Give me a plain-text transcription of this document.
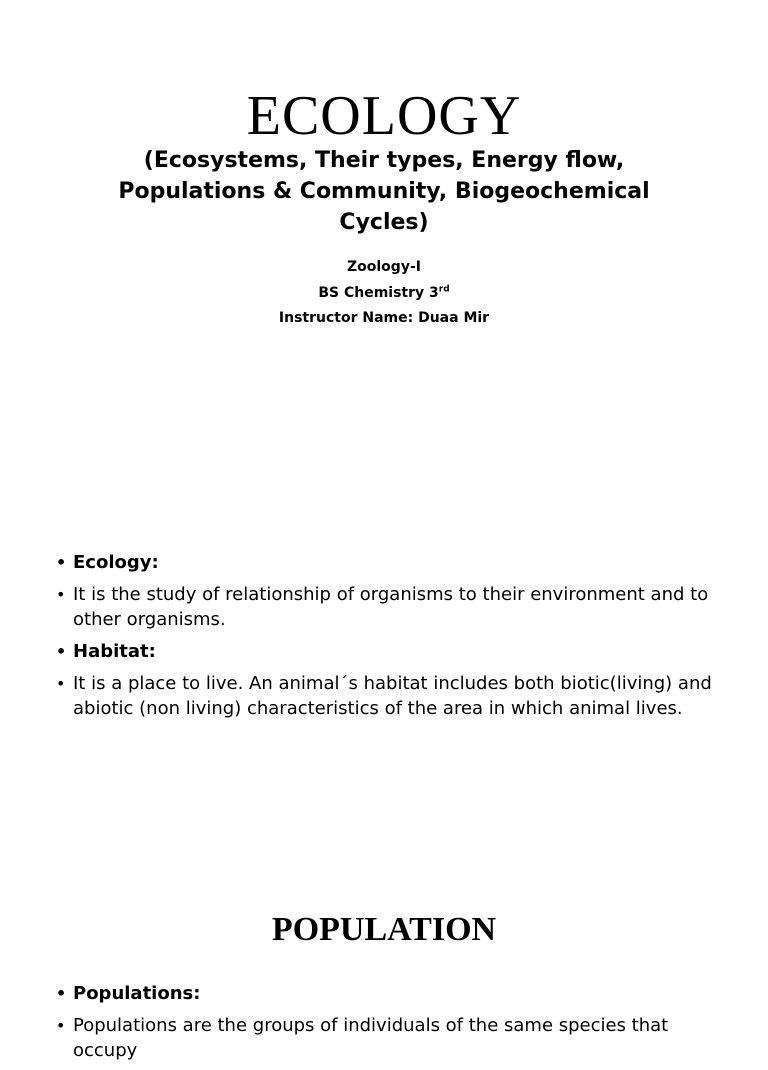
ECOLOGY
(Ecosystems, Their types, Energy flow, Populations & Community, Biogeochemical Cycles)
Zoology-I
BS Chemistry 3rd
Instructor Name: Duaa Mir
• Ecology:
• It is the study of relationship of organisms to their environment and to other organisms.
• Habitat:
• It is a place to live. An animal´s habitat includes both biotic(living) and abiotic (non living) characteristics of the area in which animal lives.
POPULATION
• Populations:
• Populations are the groups of individuals of the same species that occupy
